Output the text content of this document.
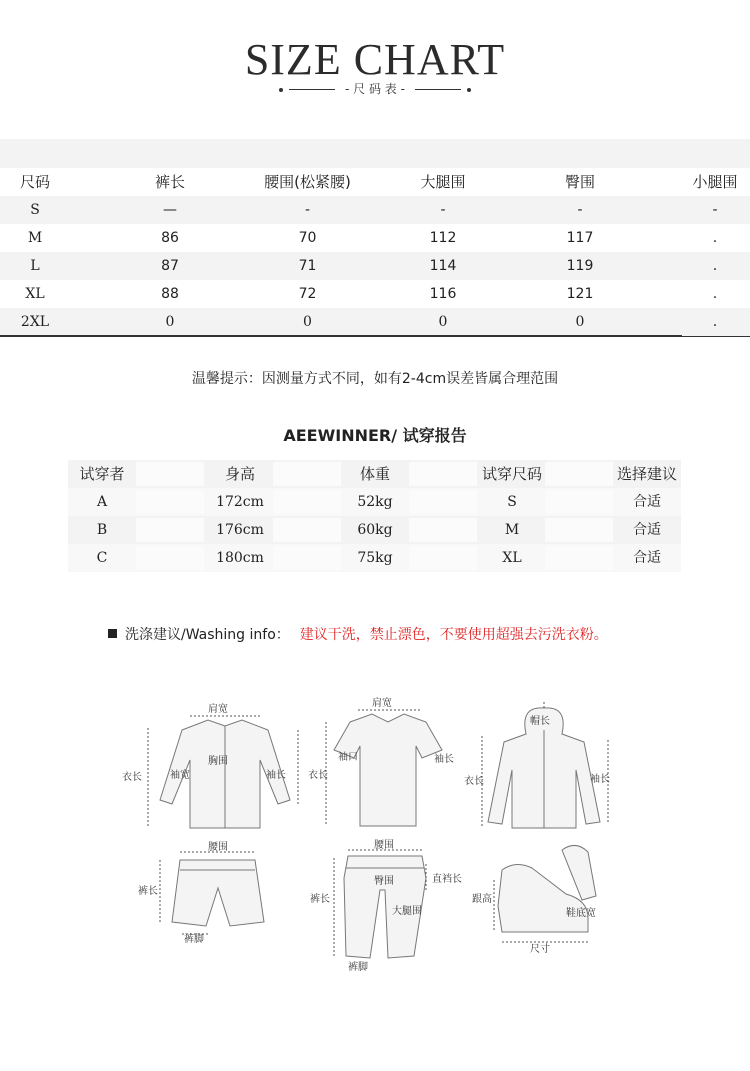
SIZE CHART
- 尺 码 表 -
尺码	裤长	腰围(松紧腰)	大腿围	臀围	小腿围
S	—	-	-	-	-
M	86	70	112	117	.
L	87	71	114	119	.
XL	88	72	116	121	.
2XL	0	0	0	0	.
温馨提示：因测量方式不同，如有2-4cm误差皆属合理范围
AEEWINNER/ 试穿报告
试穿者	身高	体重	试穿尺码	选择建议
A	172cm	52kg	S	合适
B	176cm	60kg	M	合适
C	180cm	75kg	XL	合适
洗涤建议/Washing info： 建议干洗，禁止漂色，不要使用超强去污洗衣粉。
肩宽
胸围
袖宽
衣长	袖长
肩宽
袖口
衣长
袖长
帽长
衣长	袖长
腰围
裤长
裤脚
腰围
臀围	直裆长
大腿围
裤长
裤脚
跟高
鞋底宽
尺寸
